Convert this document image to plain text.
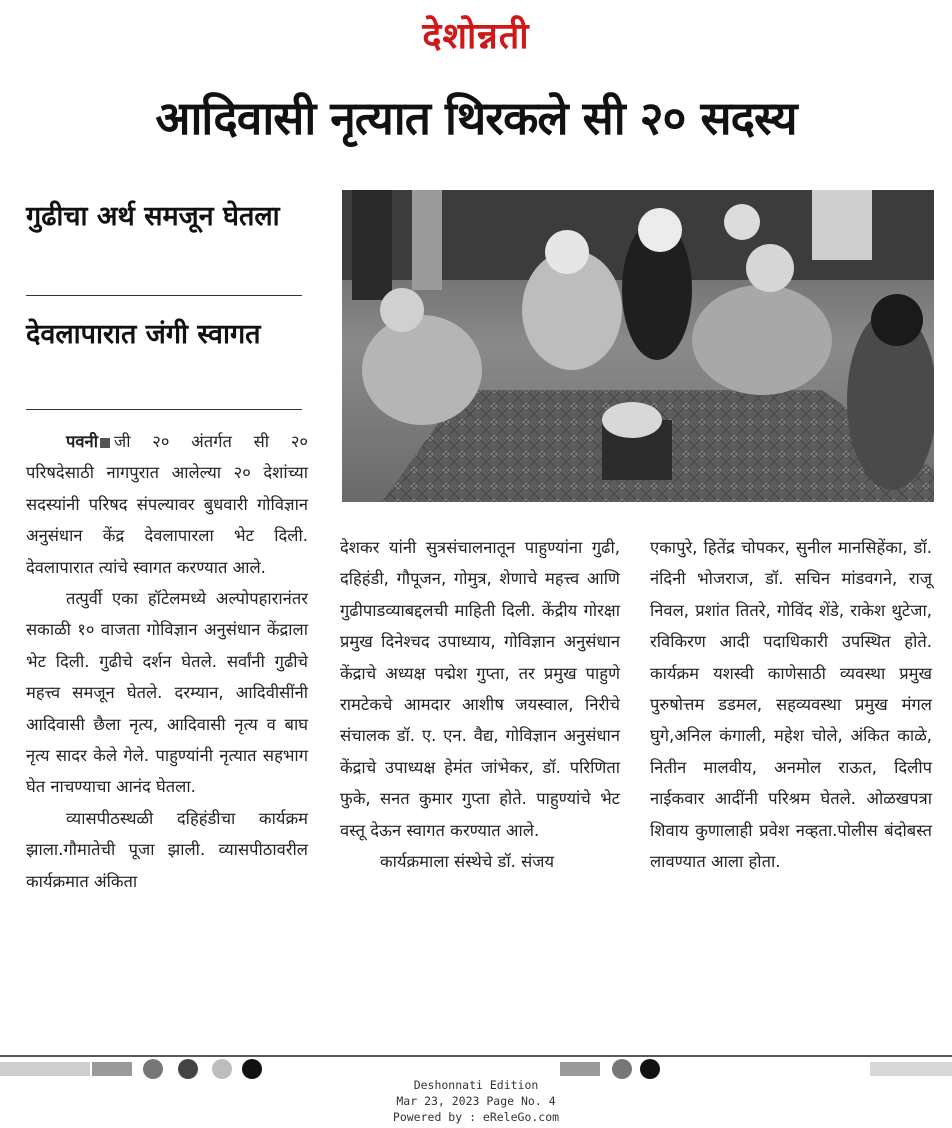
देशोन्नती
आदिवासी नृत्यात थिरकले सी २० सदस्य
गुढीचा अर्थ समजून घेतला
देवलापारात जंगी स्वागत

पवनी जी २० अंतर्गत सी २० परिषदेसाठी नागपुरात आलेल्या २० देशांच्या सदस्यांनी परिषद संपल्यावर बुधवारी गोविज्ञान अनुसंधान केंद्र देवलापारला भेट दिली. देवलापारात त्यांचे स्वागत करण्यात आले.

तत्पुर्वी एका हॉटेलमध्ये अल्पोपहारानंतर सकाळी १० वाजता गोविज्ञान अनुसंधान केंद्राला भेट दिली. गुढीचे दर्शन घेतले. सर्वांनी गुढीचे महत्त्व समजून घेतले. दरम्यान, आदिवीसींनी आदिवासी छैला नृत्य, आदिवासी नृत्य व बाघ नृत्य सादर केले गेले. पाहुण्यांनी नृत्यात सहभाग घेत नाचण्याचा आनंद घेतला.

व्यासपीठस्थळी दहिहंडीचा कार्यक्रम झाला.गौमातेची पूजा झाली. व्यासपीठावरील कार्यक्रमात अंकिता

देशकर यांनी सुत्रसंचालनातून पाहुण्यांना गुढी, दहिहंडी, गौपूजन, गोमुत्र, शेणाचे महत्त्व आणि गुढीपाडव्याबद्दलची माहिती दिली. केंद्रीय गोरक्षा प्रमुख दिनेश्चद उपाध्याय, गोविज्ञान अनुसंधान केंद्राचे अध्यक्ष पद्मेश गुप्ता, तर प्रमुख पाहुणे रामटेकचे आमदार आशीष जयस्वाल, निरीचे संचालक डॉ. ए. एन. वैद्य, गोविज्ञान अनुसंधान केंद्राचे उपाध्यक्ष हेमंत जांभेकर, डॉ. परिणिता फुके, सनत कुमार गुप्ता होते. पाहुण्यांचे भेट वस्तू देऊन स्वागत करण्यात आले.

कार्यक्रमाला संस्थेचे डॉ. संजय

एकापुरे, हितेंद्र चोपकर, सुनील मानसिहेंका, डॉ. नंदिनी भोजराज, डॉ. सचिन मांडवगने, राजू निवल, प्रशांत तितरे, गोविंद शेंडे, राकेश थुटेजा, रविकिरण आदी पदाधिकारी उपस्थित होते. कार्यक्रम यशस्वी काणेसाठी व्यवस्था प्रमुख पुरुषोत्तम डडमल, सहव्यवस्था प्रमुख मंगल घुगे,अनिल कंगाली, महेश चोले, अंकित काळे, नितीन मालवीय, अनमोल राऊत, दिलीप नाईकवार आदींनी परिश्रम घेतले. ओळखपत्रा शिवाय कुणालाही प्रवेश नव्हता.पोलीस बंदोबस्त लावण्यात आला होता.

Deshonnati Edition
Mar 23, 2023 Page No. 4
Powered by : eReleGo.com
